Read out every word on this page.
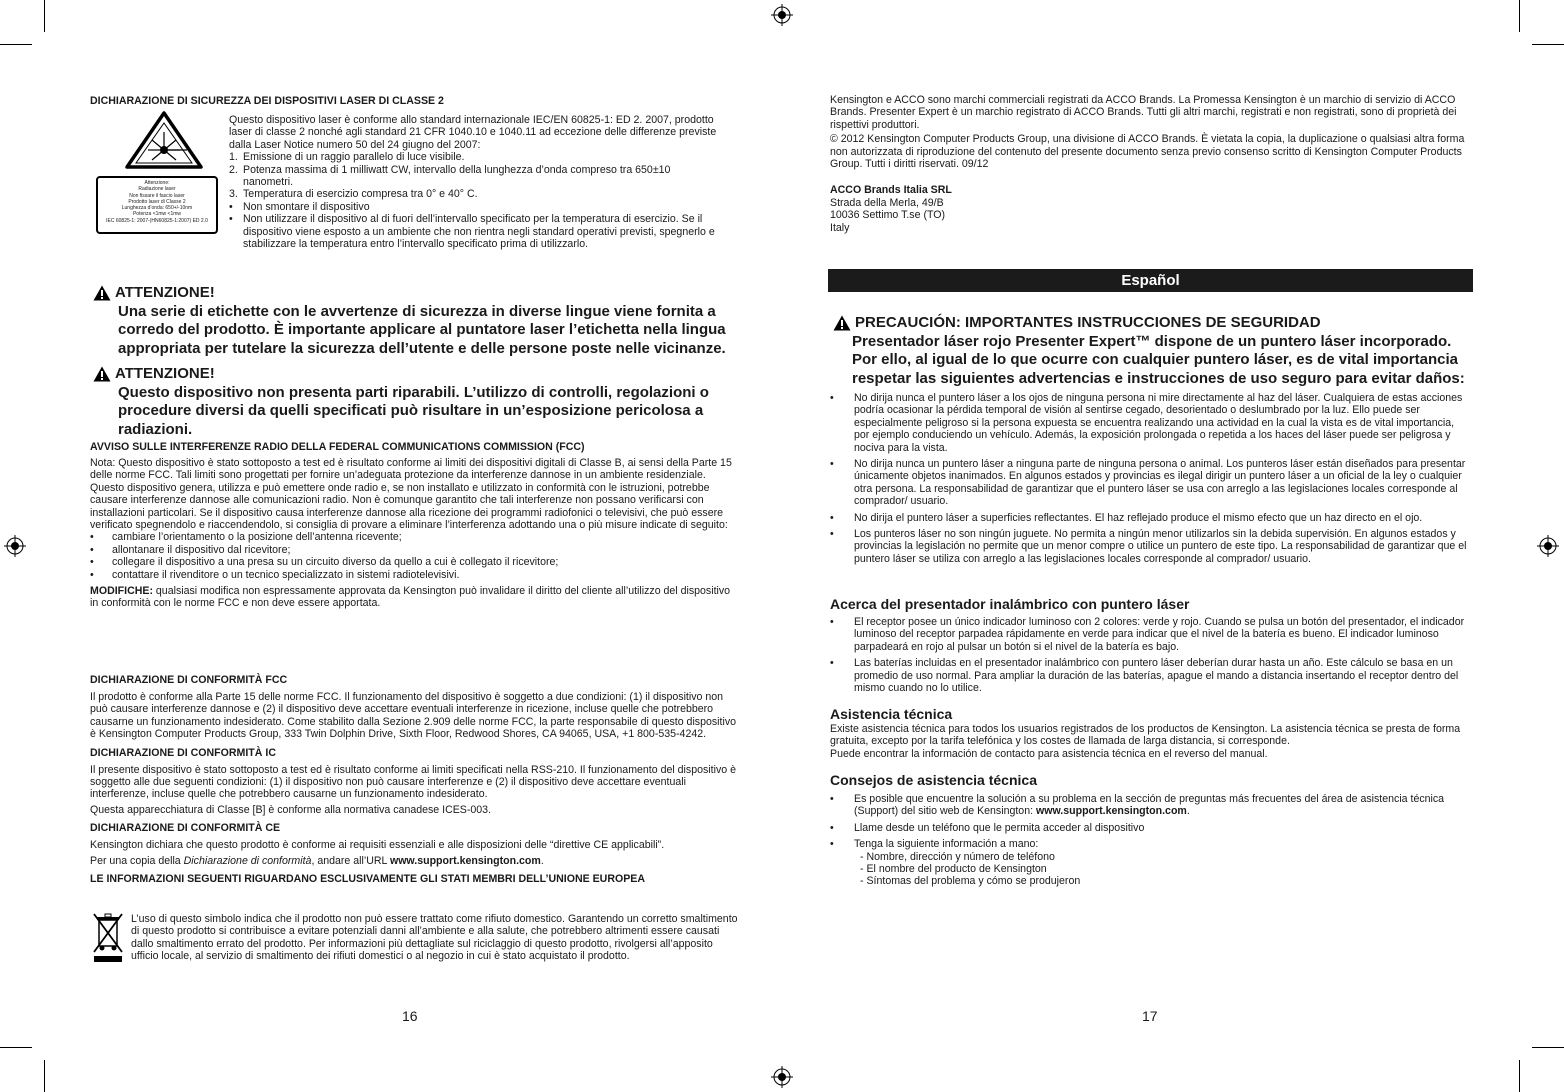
DICHIARAZIONE DI SICUREZZA DEI DISPOSITIVI LASER DI CLASSE 2
Attenzione:
Radiazione laser
Non fissare il fascio laser
Prodotto laser di Classe 2
Lunghezza d’onda: 650+/-10nm
Potenza <1mw <1mw
IEC 60825-1: 2007-(HN60825-1:2007) ED 2.0

Questo dispositivo laser è conforme allo standard internazionale IEC/EN 60825-1: ED 2. 2007, prodotto laser di classe 2 nonché agli standard 21 CFR 1040.10 e 1040.11 ad eccezione delle differenze previste dalla Laser Notice numero 50 del 24 giugno del 2007:

1. Emissione di un raggio parallelo di luce visibile.
2. Potenza massima di 1 milliwatt CW, intervallo della lunghezza d’onda compreso tra 650±10 nanometri.
3. Temperatura di esercizio compresa tra 0° e 40° C.
• Non smontare il dispositivo
• Non utilizzare il dispositivo al di fuori dell’intervallo specificato per la temperatura di esercizio. Se il dispositivo viene esposto a un ambiente che non rientra negli standard operativi previsti, spegnerlo e stabilizzare la temperatura entro l’intervallo specificato prima di utilizzarlo.
ATTENZIONE!
Una serie di etichette con le avvertenze di sicurezza in diverse lingue viene fornita a corredo del prodotto. È importante applicare al puntatore laser l’etichetta nella lingua appropriata per tutelare la sicurezza dell’utente e delle persone poste nelle vicinanze.
ATTENZIONE!
Questo dispositivo non presenta parti riparabili. L’utilizzo di controlli, regolazioni o procedure diversi da quelli specificati può risultare in un’esposizione pericolosa a radiazioni.
AVVISO SULLE INTERFERENZE RADIO DELLA FEDERAL COMMUNICATIONS COMMISSION (FCC)

Nota: Questo dispositivo è stato sottoposto a test ed è risultato conforme ai limiti dei dispositivi digitali di Classe B, ai sensi della Parte 15 delle norme FCC. Tali limiti sono progettati per fornire un’adeguata protezione da interferenze dannose in un ambiente residenziale. Questo dispositivo genera, utilizza e può emettere onde radio e, se non installato e utilizzato in conformità con le istruzioni, potrebbe causare interferenze dannose alle comunicazioni radio. Non è comunque garantito che tali interferenze non possano verificarsi con installazioni particolari. Se il dispositivo causa interferenze dannose alla ricezione dei programmi radiofonici o televisivi, che può essere verificato spegnendolo e riaccendendolo, si consiglia di provare a eliminare l’interferenza adottando una o più misure indicate di seguito:

• cambiare l’orientamento o la posizione dell’antenna ricevente;
• allontanare il dispositivo dal ricevitore;
• collegare il dispositivo a una presa su un circuito diverso da quello a cui è collegato il ricevitore;
• contattare il rivenditore o un tecnico specializzato in sistemi radiotelevisivi.

MODIFICHE: qualsiasi modifica non espressamente approvata da Kensington può invalidare il diritto del cliente all’utilizzo del dispositivo in conformità con le norme FCC e non deve essere apportata.

DICHIARAZIONE DI CONFORMITÀ FCC

Il prodotto è conforme alla Parte 15 delle norme FCC. Il funzionamento del dispositivo è soggetto a due condizioni: (1) il dispositivo non può causare interferenze dannose e (2) il dispositivo deve accettare eventuali interferenze in ricezione, incluse quelle che potrebbero causarne un funzionamento indesiderato. Come stabilito dalla Sezione 2.909 delle norme FCC, la parte responsabile di questo dispositivo è Kensington Computer Products Group, 333 Twin Dolphin Drive, Sixth Floor, Redwood Shores, CA 94065, USA, +1 800-535-4242.

DICHIARAZIONE DI CONFORMITÀ IC

Il presente dispositivo è stato sottoposto a test ed è risultato conforme ai limiti specificati nella RSS-210. Il funzionamento del dispositivo è soggetto alle due seguenti condizioni: (1) il dispositivo non può causare interferenze e (2) il dispositivo deve accettare eventuali interferenze, incluse quelle che potrebbero causarne un funzionamento indesiderato.

Questa apparecchiatura di Classe [B] è conforme alla normativa canadese ICES-003.

DICHIARAZIONE DI CONFORMITÀ CE

Kensington dichiara che questo prodotto è conforme ai requisiti essenziali e alle disposizioni delle “direttive CE applicabili”.

Per una copia della Dichiarazione di conformità, andare all’URL www.support.kensington.com.

LE INFORMAZIONI SEGUENTI RIGUARDANO ESCLUSIVAMENTE GLI STATI MEMBRI DELL’UNIONE EUROPEA

L’uso di questo simbolo indica che il prodotto non può essere trattato come rifiuto domestico. Garantendo un corretto smaltimento di questo prodotto si contribuisce a evitare potenziali danni all’ambiente e alla salute, che potrebbero altrimenti essere causati dallo smaltimento errato del prodotto. Per informazioni più dettagliate sul riciclaggio di questo prodotto, rivolgersi all’apposito ufficio locale, al servizio di smaltimento dei rifiuti domestici o al negozio in cui è stato acquistato il prodotto.

16

Kensington e ACCO sono marchi commerciali registrati da ACCO Brands. La Promessa Kensington è un marchio di servizio di ACCO Brands. Presenter Expert è un marchio registrato di ACCO Brands. Tutti gli altri marchi, registrati e non registrati, sono di proprietà dei rispettivi produttori.

© 2012 Kensington Computer Products Group, una divisione di ACCO Brands. È vietata la copia, la duplicazione o qualsiasi altra forma non autorizzata di riproduzione del contenuto del presente documento senza previo consenso scritto di Kensington Computer Products Group. Tutti i diritti riservati. 09/12

ACCO Brands Italia SRL

Strada della Merla, 49/B
10036 Settimo T.se (TO)
Italy
Español
PRECAUCIÓN: IMPORTANTES INSTRUCCIONES DE SEGURIDAD
Presentador láser rojo Presenter Expert™ dispone de un puntero láser incorporado. Por ello, al igual de lo que ocurre con cualquier puntero láser, es de vital importancia respetar las siguientes advertencias e instrucciones de uso seguro para evitar daños:
• No dirija nunca el puntero láser a los ojos de ninguna persona ni mire directamente al haz del láser. Cualquiera de estas acciones podría ocasionar la pérdida temporal de visión al sentirse cegado, desorientado o deslumbrado por la luz. Ello puede ser especialmente peligroso si la persona expuesta se encuentra realizando una actividad en la cual la vista es de vital importancia, por ejemplo conduciendo un vehículo. Además, la exposición prolongada o repetida a los haces del láser puede ser peligrosa y nociva para la vista.
• No dirija nunca un puntero láser a ninguna parte de ninguna persona o animal. Los punteros láser están diseñados para presentar únicamente objetos inanimados. En algunos estados y provincias es ilegal dirigir un puntero láser a un oficial de la ley o cualquier otra persona. La responsabilidad de garantizar que el puntero láser se usa con arreglo a las legislaciones locales corresponde al comprador/ usuario.
• No dirija el puntero láser a superficies reflectantes. El haz reflejado produce el mismo efecto que un haz directo en el ojo.
• Los punteros láser no son ningún juguete. No permita a ningún menor utilizarlos sin la debida supervisión. En algunos estados y provincias la legislación no permite que un menor compre o utilice un puntero de este tipo. La responsabilidad de garantizar que el puntero láser se utiliza con arreglo a las legislaciones locales corresponde al comprador/ usuario.
Acerca del presentador inalámbrico con puntero láser
• El receptor posee un único indicador luminoso con 2 colores: verde y rojo. Cuando se pulsa un botón del presentador, el indicador luminoso del receptor parpadea rápidamente en verde para indicar que el nivel de la batería es bueno. El indicador luminoso parpadeará en rojo al pulsar un botón si el nivel de la batería es bajo.
• Las baterías incluidas en el presentador inalámbrico con puntero láser deberían durar hasta un año. Este cálculo se basa en un promedio de uso normal. Para ampliar la duración de las baterías, apague el mando a distancia insertando el receptor dentro del mismo cuando no lo utilice.
Asistencia técnica

Existe asistencia técnica para todos los usuarios registrados de los productos de Kensington. La asistencia técnica se presta de forma gratuita, excepto por la tarifa telefónica y los costes de llamada de larga distancia, si corresponde.

Puede encontrar la información de contacto para asistencia técnica en el reverso del manual.

Consejos de asistencia técnica
• Es posible que encuentre la solución a su problema en la sección de preguntas más frecuentes del área de asistencia técnica (Support) del sitio web de Kensington: www.support.kensington.com.
• Llame desde un teléfono que le permita acceder al dispositivo
• Tenga la siguiente información a mano:
- Nombre, dirección y número de teléfono
- El nombre del producto de Kensington
- Síntomas del problema y cómo se produjeron
17
